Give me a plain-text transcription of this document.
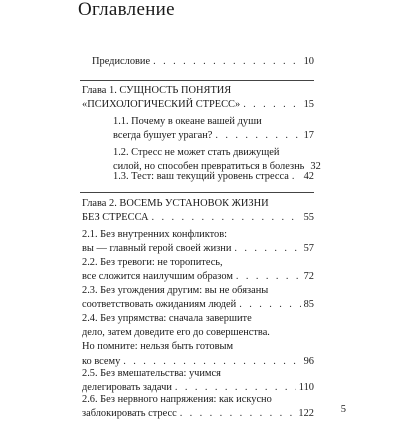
Оглавление
Предисловие . . .	10
Глава 1. СУЩНОСТЬ ПОНЯТИЯ
«ПСИХОЛОГИЧЕСКИЙ СТРЕСС» . . .	15
1.1. Почему в океане вашей души
всегда бушует ураган? . . .	17
1.2. Стресс не может стать движущей
силой, но способен превратиться в болезнь 32
1.3. Тест: ваш текущий уровень стресса . . . 42
Глава 2. ВОСЕМЬ УСТАНОВОК ЖИЗНИ
БЕЗ СТРЕССА . . .	55
2.1. Без внутренних конфликтов:
вы — главный герой своей жизни . . .	57
2.2. Без тревоги: не торопитесь,
все сложится наилучшим образом . . .	72
2.3. Без угождения другим: вы не обязаны
соответствовать ожиданиям людей . . .	85
2.4. Без упрямства: сначала завершите
дело, затем доведите его до совершенства.
Но помните: нельзя быть готовым
ко всему . . .	96
2.5. Без вмешательства: учимся
делегировать задачи . . .	110
2.6. Без нервного напряжения: как искусно
заблокировать стресс . . .	122	5
